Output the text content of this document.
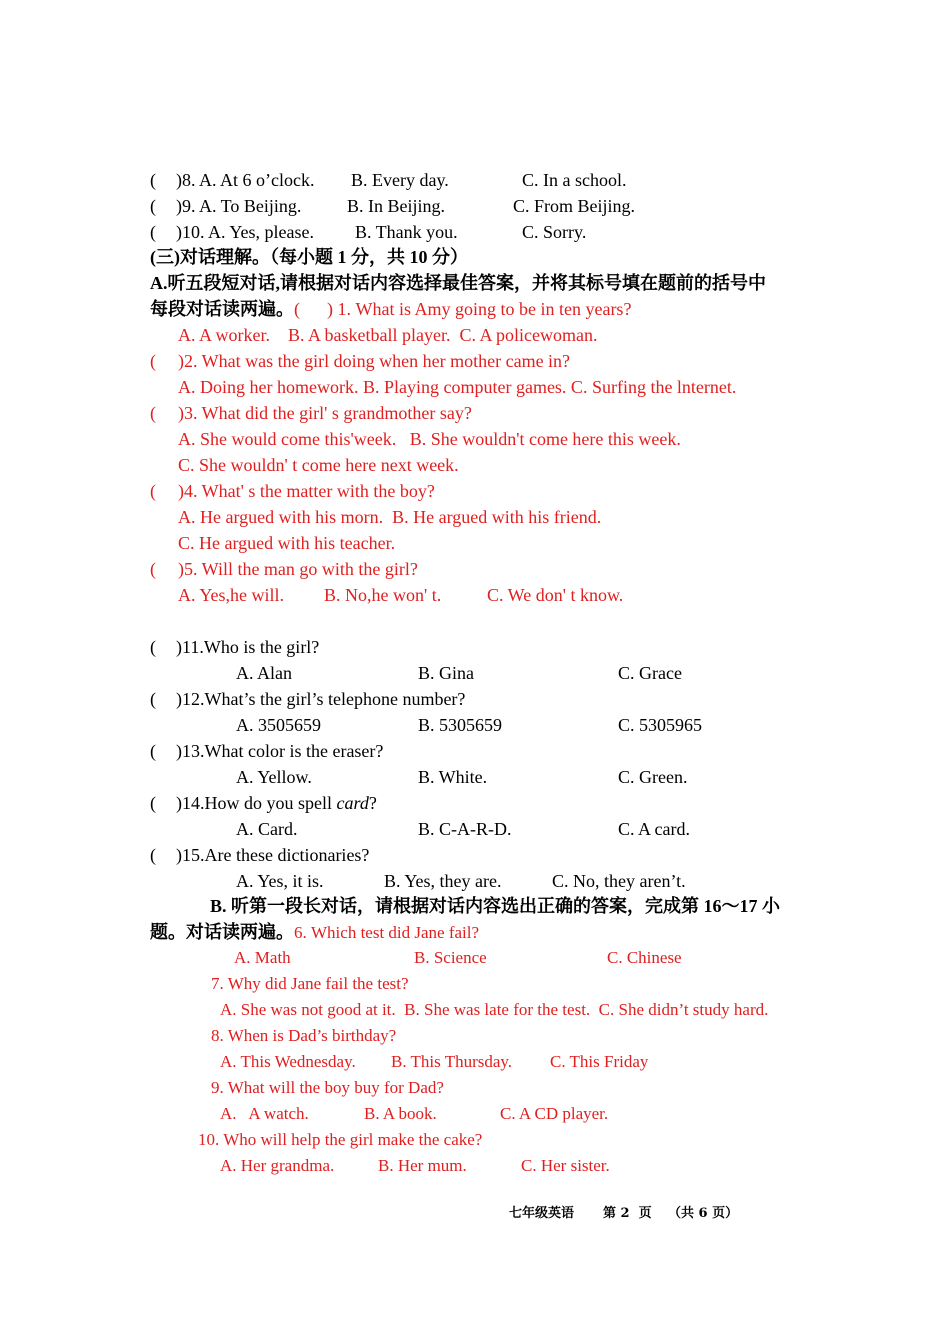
( )8. A. At 6 o’clock. B. Every day.	C. In a school.
( )9. A. To Beijing.	B. In Beijing.	C. From Beijing.
( )10. A. Yes, please. B. Thank you.	C. Sorry.
(三)对话理解。（每小题 1 分，共 10 分）
A.听五段短对话,请根据对话内容选择最佳答案，并将其标号填在题前的括号中
每段对话读两遍。(      ) 1. What is Amy going to be in ten years?
A. A worker.    B. A basketball player.  C. A policewoman.
( )2. What was the girl doing when her mother came in?
A. Doing her homework. B. Playing computer games. C. Surfing the lnternet.
( )3. What did the girl' s grandmother say?
A. She would come this'week.   B. She wouldn't come here this week.
C. She wouldn' t come here next week.
( )4. What' s the matter with the boy?
A. He argued with his morn.  B. He argued with his friend.
C. He argued with his teacher.
( )5. Will the man go with the girl?
A. Yes,he will. B. No,he won' t.	C. We don' t know.
( )11.Who is the girl?
A. Alan	B. Gina	C. Grace
( )12.What’s the girl’s telephone number?
A. 3505659	B. 5305659	C. 5305965
( )13.What color is the eraser?
A. Yellow.	B. White.	C. Green.
( )14.How do you spell card?
A. Card.	B. C-A-R-D.	C. A card.
( )15.Are these dictionaries?
A. Yes, it is.	B. Yes, they are.	C. No, they aren’t.
B. 听第一段长对话，请根据对话内容选出正确的答案，完成第 16～17 小
题。对话读两遍。6. Which test did Jane fail?
A. Math	B. Science	C. Chinese
7. Why did Jane fail the test?
A. She was not good at it.  B. She was late for the test.  C. She didn’t study hard.
8. When is Dad’s birthday?
A. This Wednesday. B. This Thursday. C. This Friday
9. What will the boy buy for Dad?
A.   A watch.	B. A book.	C. A CD player.
10. Who will help the girl make the cake?
A. Her grandma.	B. Her mum.	C. Her sister.
七年级英语 第 2  页 （共 6 页）
